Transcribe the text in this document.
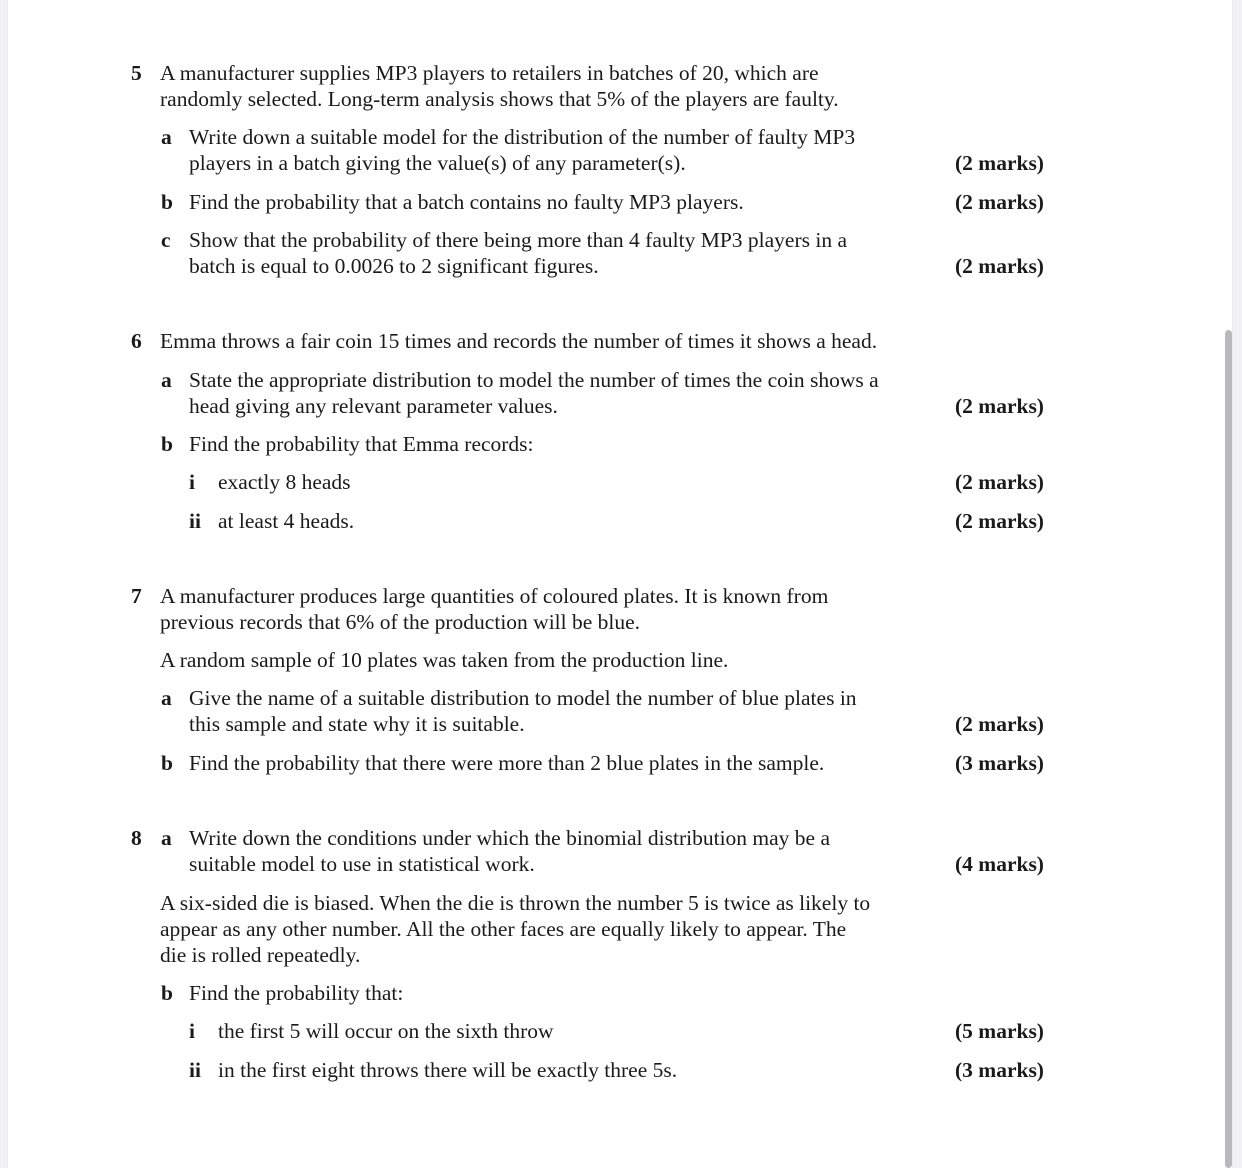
5 A manufacturer supplies MP3 players to retailers in batches of 20, which are
randomly selected. Long-term analysis shows that 5% of the players are faulty.
a Write down a suitable model for the distribution of the number of faulty MP3
players in a batch giving the value(s) of any parameter(s).	(2 marks)
b Find the probability that a batch contains no faulty MP3 players.	(2 marks)
c Show that the probability of there being more than 4 faulty MP3 players in a
batch is equal to 0.0026 to 2 significant figures.	(2 marks)
6 Emma throws a fair coin 15 times and records the number of times it shows a head.
a State the appropriate distribution to model the number of times the coin shows a
head giving any relevant parameter values.	(2 marks)
b Find the probability that Emma records:
i exactly 8 heads	(2 marks)
ii at least 4 heads.	(2 marks)
7 A manufacturer produces large quantities of coloured plates. It is known from
previous records that 6% of the production will be blue.
A random sample of 10 plates was taken from the production line.
a Give the name of a suitable distribution to model the number of blue plates in
this sample and state why it is suitable.	(2 marks)
b Find the probability that there were more than 2 blue plates in the sample.	(3 marks)
8 a Write down the conditions under which the binomial distribution may be a
suitable model to use in statistical work.	(4 marks)
A six-sided die is biased. When the die is thrown the number 5 is twice as likely to
appear as any other number. All the other faces are equally likely to appear. The
die is rolled repeatedly.
b Find the probability that:
i the first 5 will occur on the sixth throw	(5 marks)
ii in the first eight throws there will be exactly three 5s.	(3 marks)
